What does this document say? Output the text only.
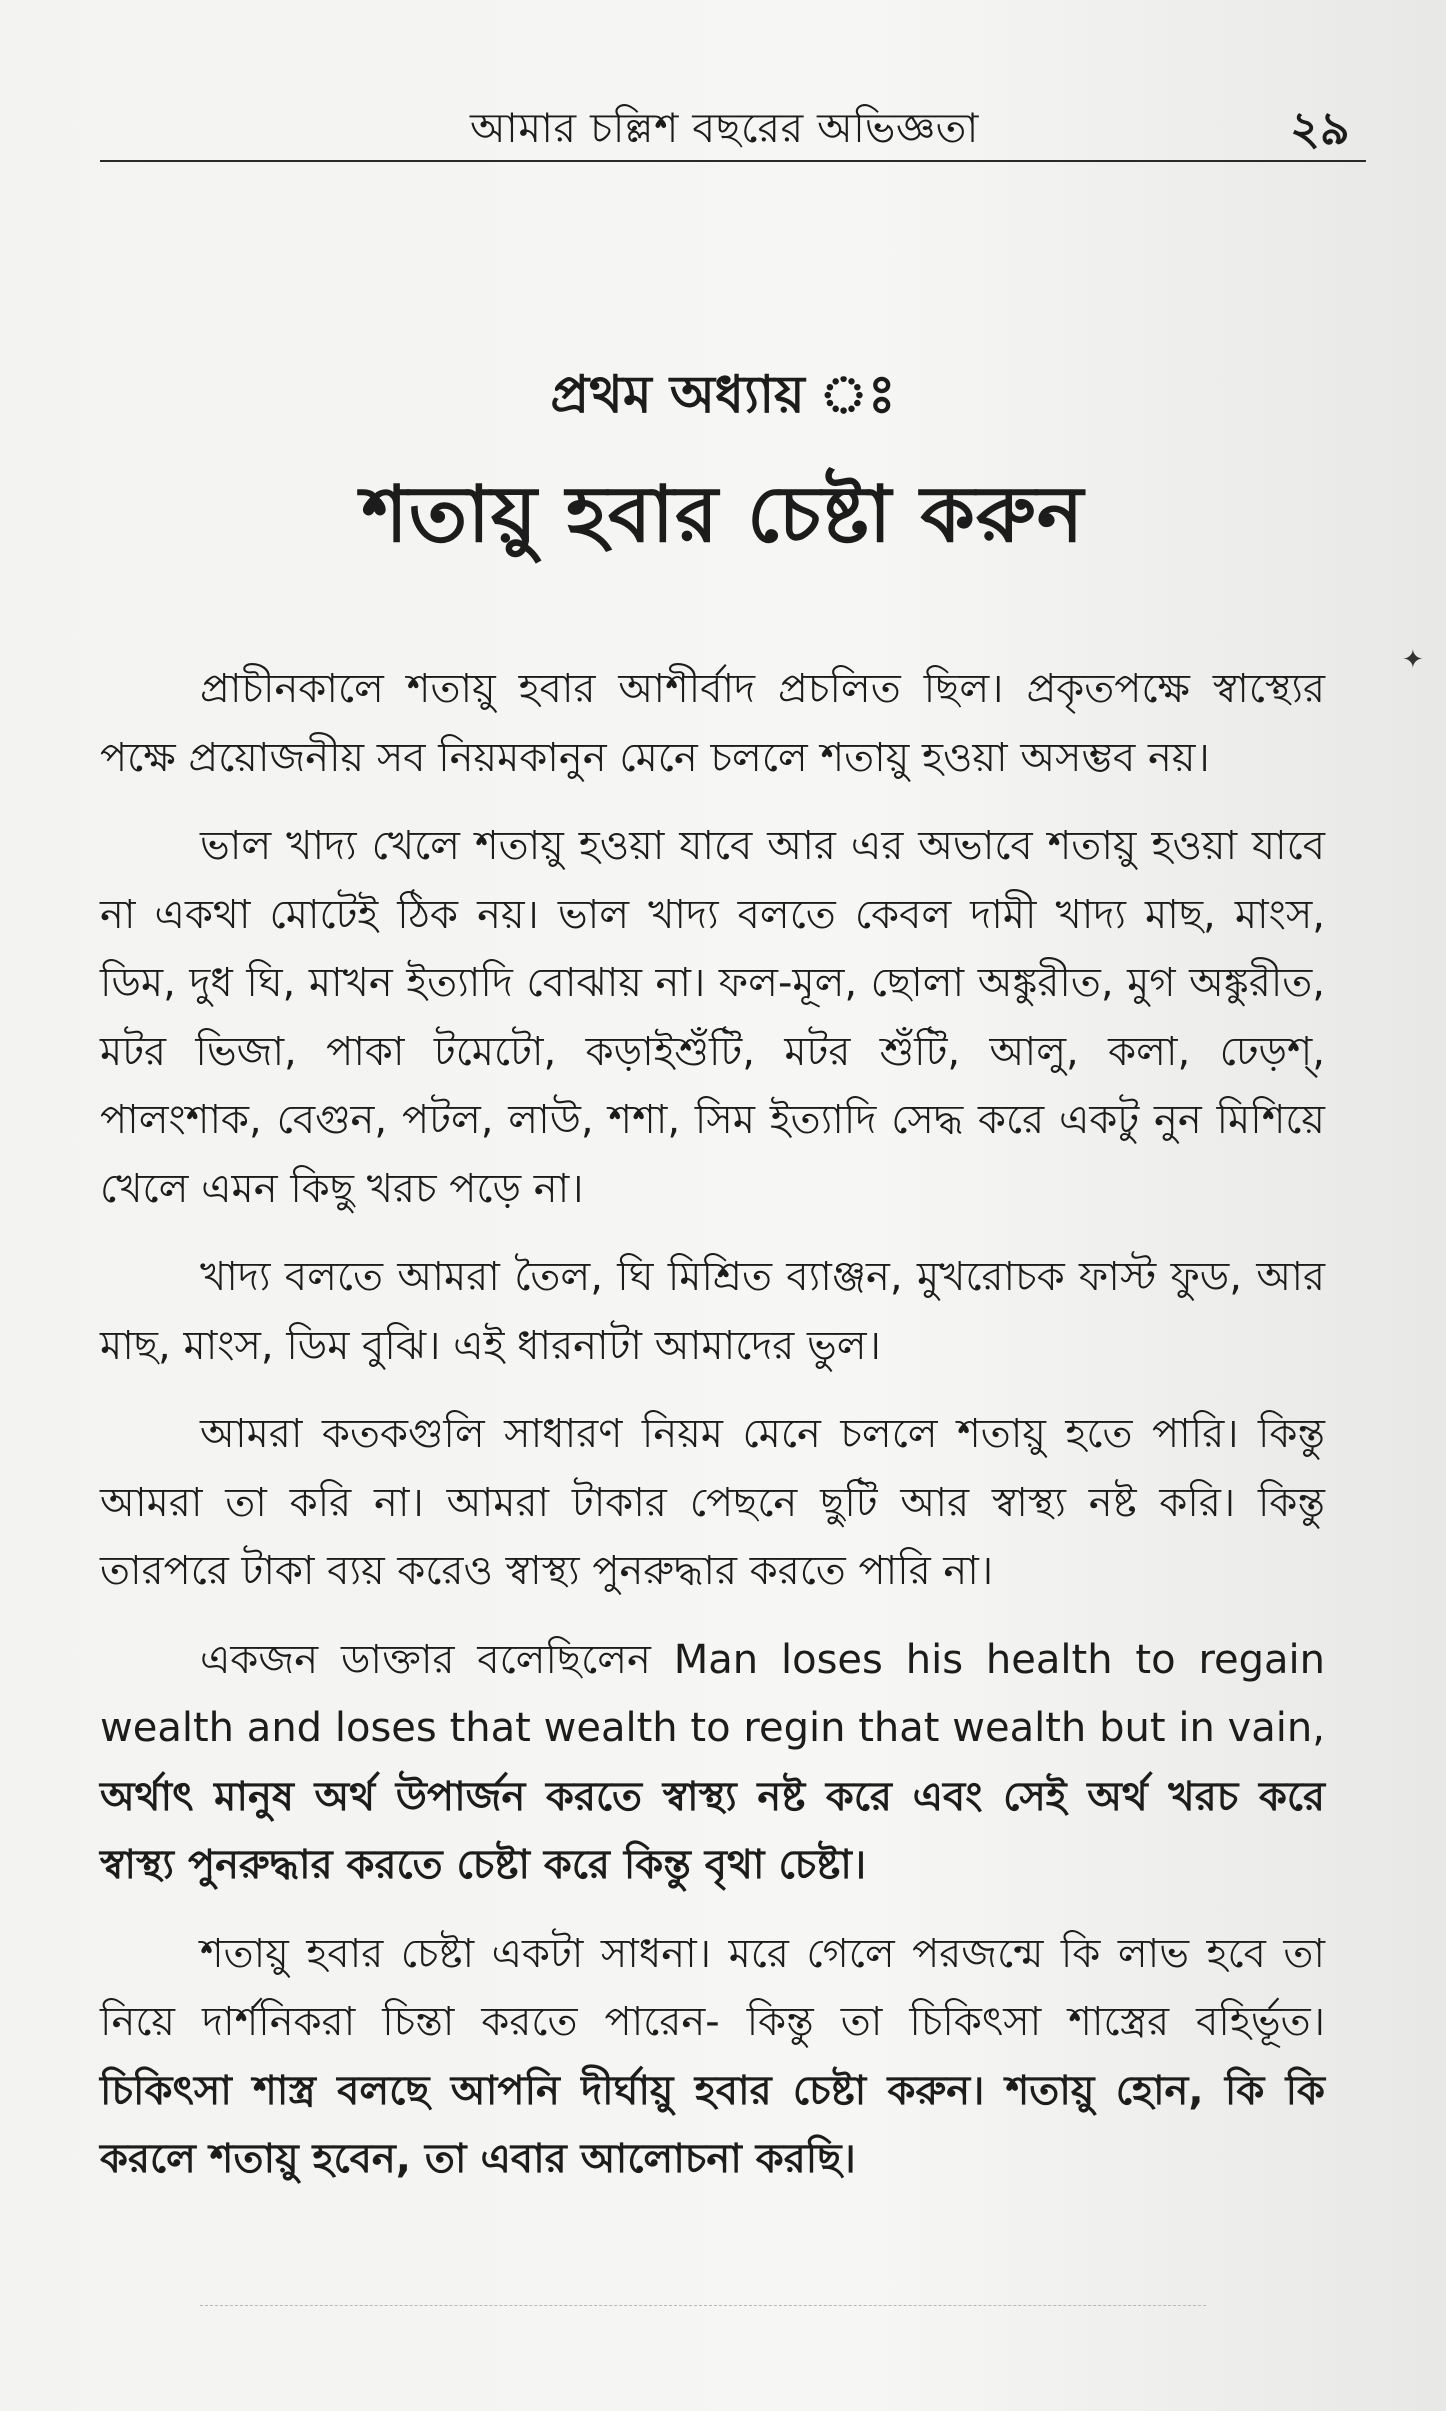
আমার চল্লিশ বছরের অভিজ্ঞতা	২৯
প্রথম অধ্যায় ঃ
শতায়ু হবার চেষ্টা করুন
✦

প্রাচীনকালে শতায়ু হবার আশীর্বাদ প্রচলিত ছিল। প্রকৃতপক্ষে স্বাস্থ্যের পক্ষে প্রয়োজনীয় সব নিয়মকানুন মেনে চললে শতায়ু হওয়া অসম্ভব নয়।

ভাল খাদ্য খেলে শতায়ু হওয়া যাবে আর এর অভাবে শতায়ু হওয়া যাবে না একথা মোটেই ঠিক নয়। ভাল খাদ্য বলতে কেবল দামী খাদ্য মাছ, মাংস, ডিম, দুধ ঘি, মাখন ইত্যাদি বোঝায় না। ফল-মূল, ছোলা অঙ্কুরীত, মুগ অঙ্কুরীত, মটর ভিজা, পাকা টমেটো, কড়াইশুঁটি, মটর শুঁটি, আলু, কলা, ঢেড়শ্, পালংশাক, বেগুন, পটল, লাউ, শশা, সিম ইত্যাদি সেদ্ধ করে একটু নুন মিশিয়ে খেলে এমন কিছু খরচ পড়ে না।

খাদ্য বলতে আমরা তৈল, ঘি মিশ্রিত ব্যাঞ্জন, মুখরোচক ফাস্ট ফুড, আর মাছ, মাংস, ডিম বুঝি। এই ধারনাটা আমাদের ভুল।

আমরা কতকগুলি সাধারণ নিয়ম মেনে চললে শতায়ু হতে পারি। কিন্তু আমরা তা করি না। আমরা টাকার পেছনে ছুটি আর স্বাস্থ্য নষ্ট করি। কিন্তু তারপরে টাকা ব্যয় করেও স্বাস্থ্য পুনরুদ্ধার করতে পারি না।

একজন ডাক্তার বলেছিলেন Man loses his health to regain wealth and loses that wealth to regin that wealth but in vain, অর্থাৎ মানুষ অর্থ উপার্জন করতে স্বাস্থ্য নষ্ট করে এবং সেই অর্থ খরচ করে স্বাস্থ্য পুনরুদ্ধার করতে চেষ্টা করে কিন্তু বৃথা চেষ্টা।

শতায়ু হবার চেষ্টা একটা সাধনা। মরে গেলে পরজন্মে কি লাভ হবে তা নিয়ে দার্শনিকরা চিন্তা করতে পারেন- কিন্তু তা চিকিৎসা শাস্ত্রের বহির্ভূত। চিকিৎসা শাস্ত্র বলছে আপনি দীর্ঘায়ু হবার চেষ্টা করুন। শতায়ু হোন, কি কি করলে শতায়ু হবেন, তা এবার আলোচনা করছি।
